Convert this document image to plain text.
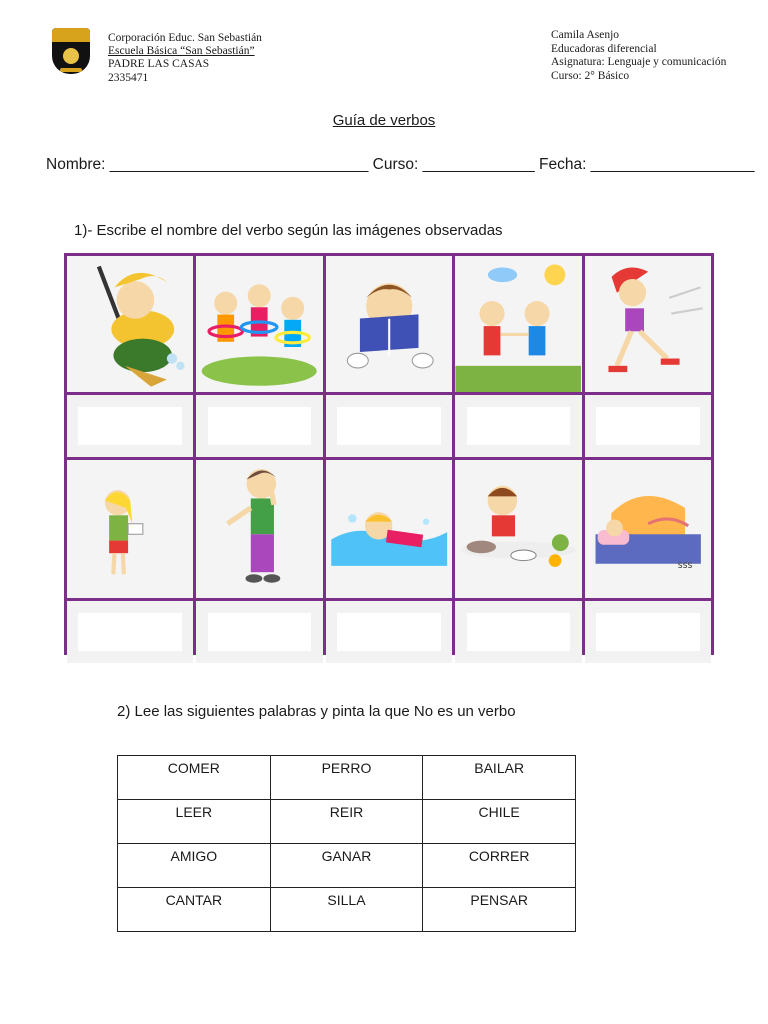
Corporación Educ. San Sebastián
Escuela Básica “San Sebastián”
PADRE LAS CASAS
2335471
Camila Asenjo
Educadoras diferencial
Asignatura: Lenguaje y comunicación
Curso: 2° Básico
Guía de verbos
Nombre: ______________________________ Curso: _____________ Fecha: ___________________
1)- Escribe el nombre del verbo según las imágenes observadas
ꜱꜱꜱ
2) Lee las siguientes palabras y pinta la que No es un verbo
COMER	PERRO	BAILAR
LEER	REIR	CHILE
AMIGO	GANAR	CORRER
CANTAR	SILLA	PENSAR
